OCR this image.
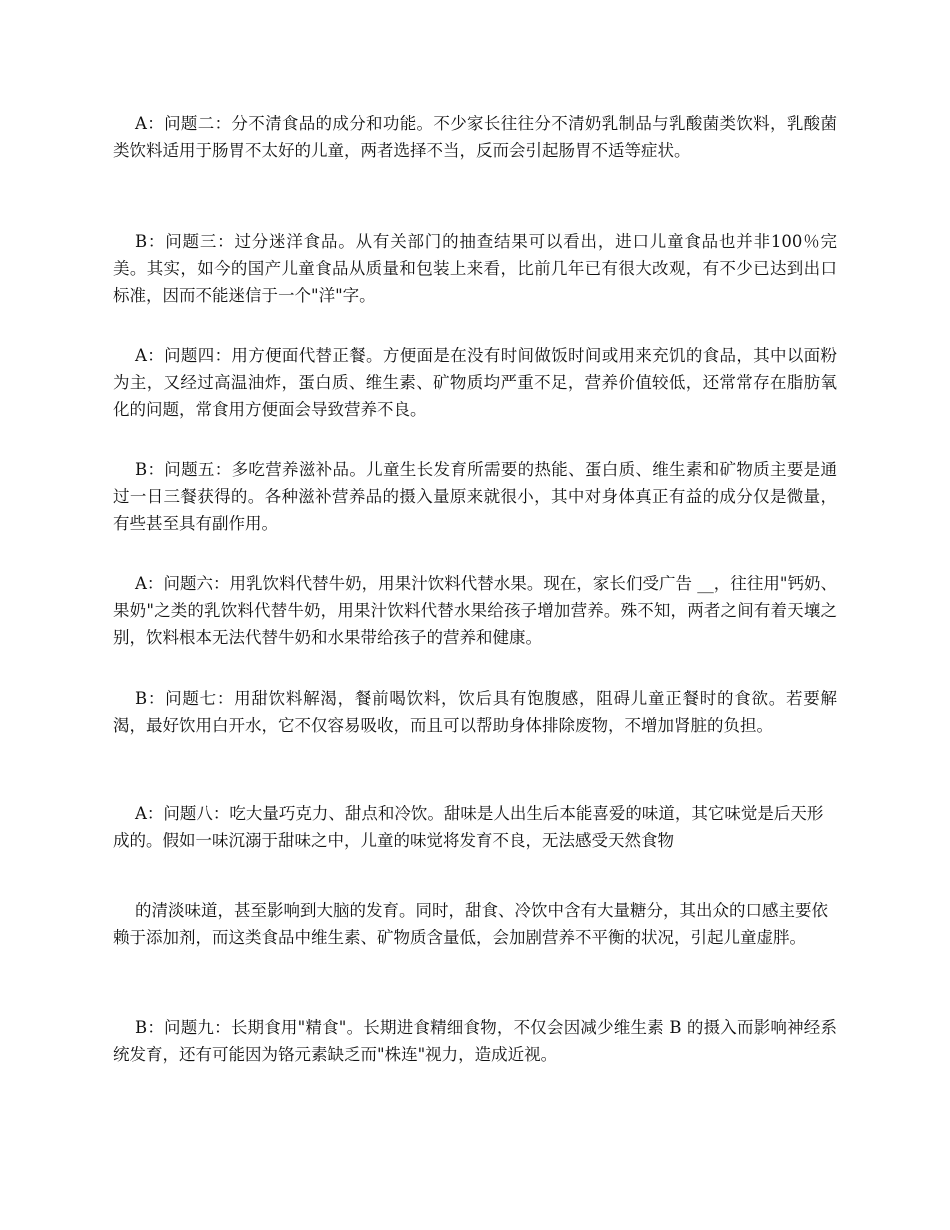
A：问题二：分不清食品的成分和功能。不少家长往往分不清奶乳制品与乳酸菌类饮料，乳酸菌类饮料适用于肠胃不太好的儿童，两者选择不当，反而会引起肠胃不适等症状。

B：问题三：过分迷洋食品。从有关部门的抽查结果可以看出，进口儿童食品也并非100％完美。其实，如今的国产儿童食品从质量和包装上来看，比前几年已有很大改观，有不少已达到出口标准，因而不能迷信于一个"洋"字。

A：问题四：用方便面代替正餐。方便面是在没有时间做饭时间或用来充饥的食品，其中以面粉为主，又经过高温油炸，蛋白质、维生素、矿物质均严重不足，营养价值较低，还常常存在脂肪氧化的问题，常食用方便面会导致营养不良。

B：问题五：多吃营养滋补品。儿童生长发育所需要的热能、蛋白质、维生素和矿物质主要是通过一日三餐获得的。各种滋补营养品的摄入量原来就很小，其中对身体真正有益的成分仅是微量，有些甚至具有副作用。

A：问题六：用乳饮料代替牛奶，用果汁饮料代替水果。现在，家长们受广告 __，往往用"钙奶、果奶"之类的乳饮料代替牛奶，用果汁饮料代替水果给孩子增加营养。殊不知，两者之间有着天壤之别，饮料根本无法代替牛奶和水果带给孩子的营养和健康。

B：问题七：用甜饮料解渴，餐前喝饮料，饮后具有饱腹感，阻碍儿童正餐时的食欲。若要解渴，最好饮用白开水，它不仅容易吸收，而且可以帮助身体排除废物，不增加肾脏的负担。

A：问题八：吃大量巧克力、甜点和冷饮。甜味是人出生后本能喜爱的味道，其它味觉是后天形成的。假如一味沉溺于甜味之中，儿童的味觉将发育不良，无法感受天然食物

的清淡味道，甚至影响到大脑的发育。同时，甜食、冷饮中含有大量糖分，其出众的口感主要依赖于添加剂，而这类食品中维生素、矿物质含量低，会加剧营养不平衡的状况，引起儿童虚胖。

B：问题九：长期食用"精食"。长期进食精细食物，不仅会因减少维生素 B 的摄入而影响神经系统发育，还有可能因为铬元素缺乏而"株连"视力，造成近视。
